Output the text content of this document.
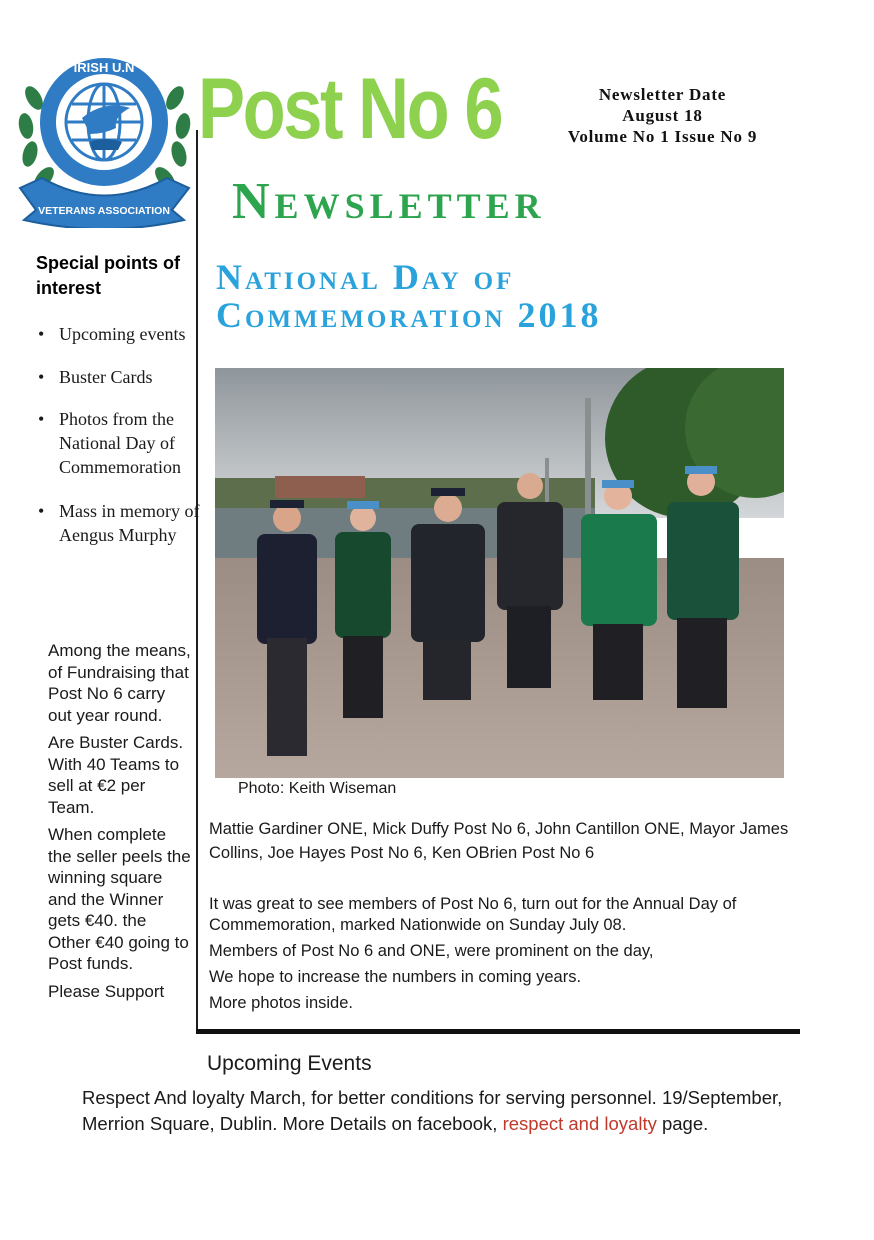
IRISH U.N
VETERANS ASSOCIATION
Post No 6	Newsletter Date
August 18
Volume No 1 Issue No 9
Newsletter
Special points of interest
• Upcoming events
• Buster Cards
• Photos from the National Day of Commemoration
• Mass in memory of Aengus Murphy

Among the means, of Fundraising that Post No 6 carry out year round.

Are Buster Cards. With 40 Teams to sell at €2 per Team.

When complete the seller peels the winning square and the Winner gets €40. the Other €40 going to Post funds.

Please Support

National Day of Commemoration 2018
Photo: Keith Wiseman
Mattie Gardiner ONE, Mick Duffy Post No 6, John Cantillon ONE, Mayor James Collins, Joe Hayes Post No 6, Ken OBrien Post No 6

It was great to see members of Post No 6, turn out for the Annual Day of Commemoration, marked Nationwide on Sunday July 08.

Members of Post No 6 and ONE, were prominent on the day,

We hope to increase the numbers in coming years.

More photos inside.

Upcoming Events
Respect And loyalty March, for better conditions for serving personnel. 19/September, Merrion Square, Dublin. More Details on facebook, respect and loyalty page.
